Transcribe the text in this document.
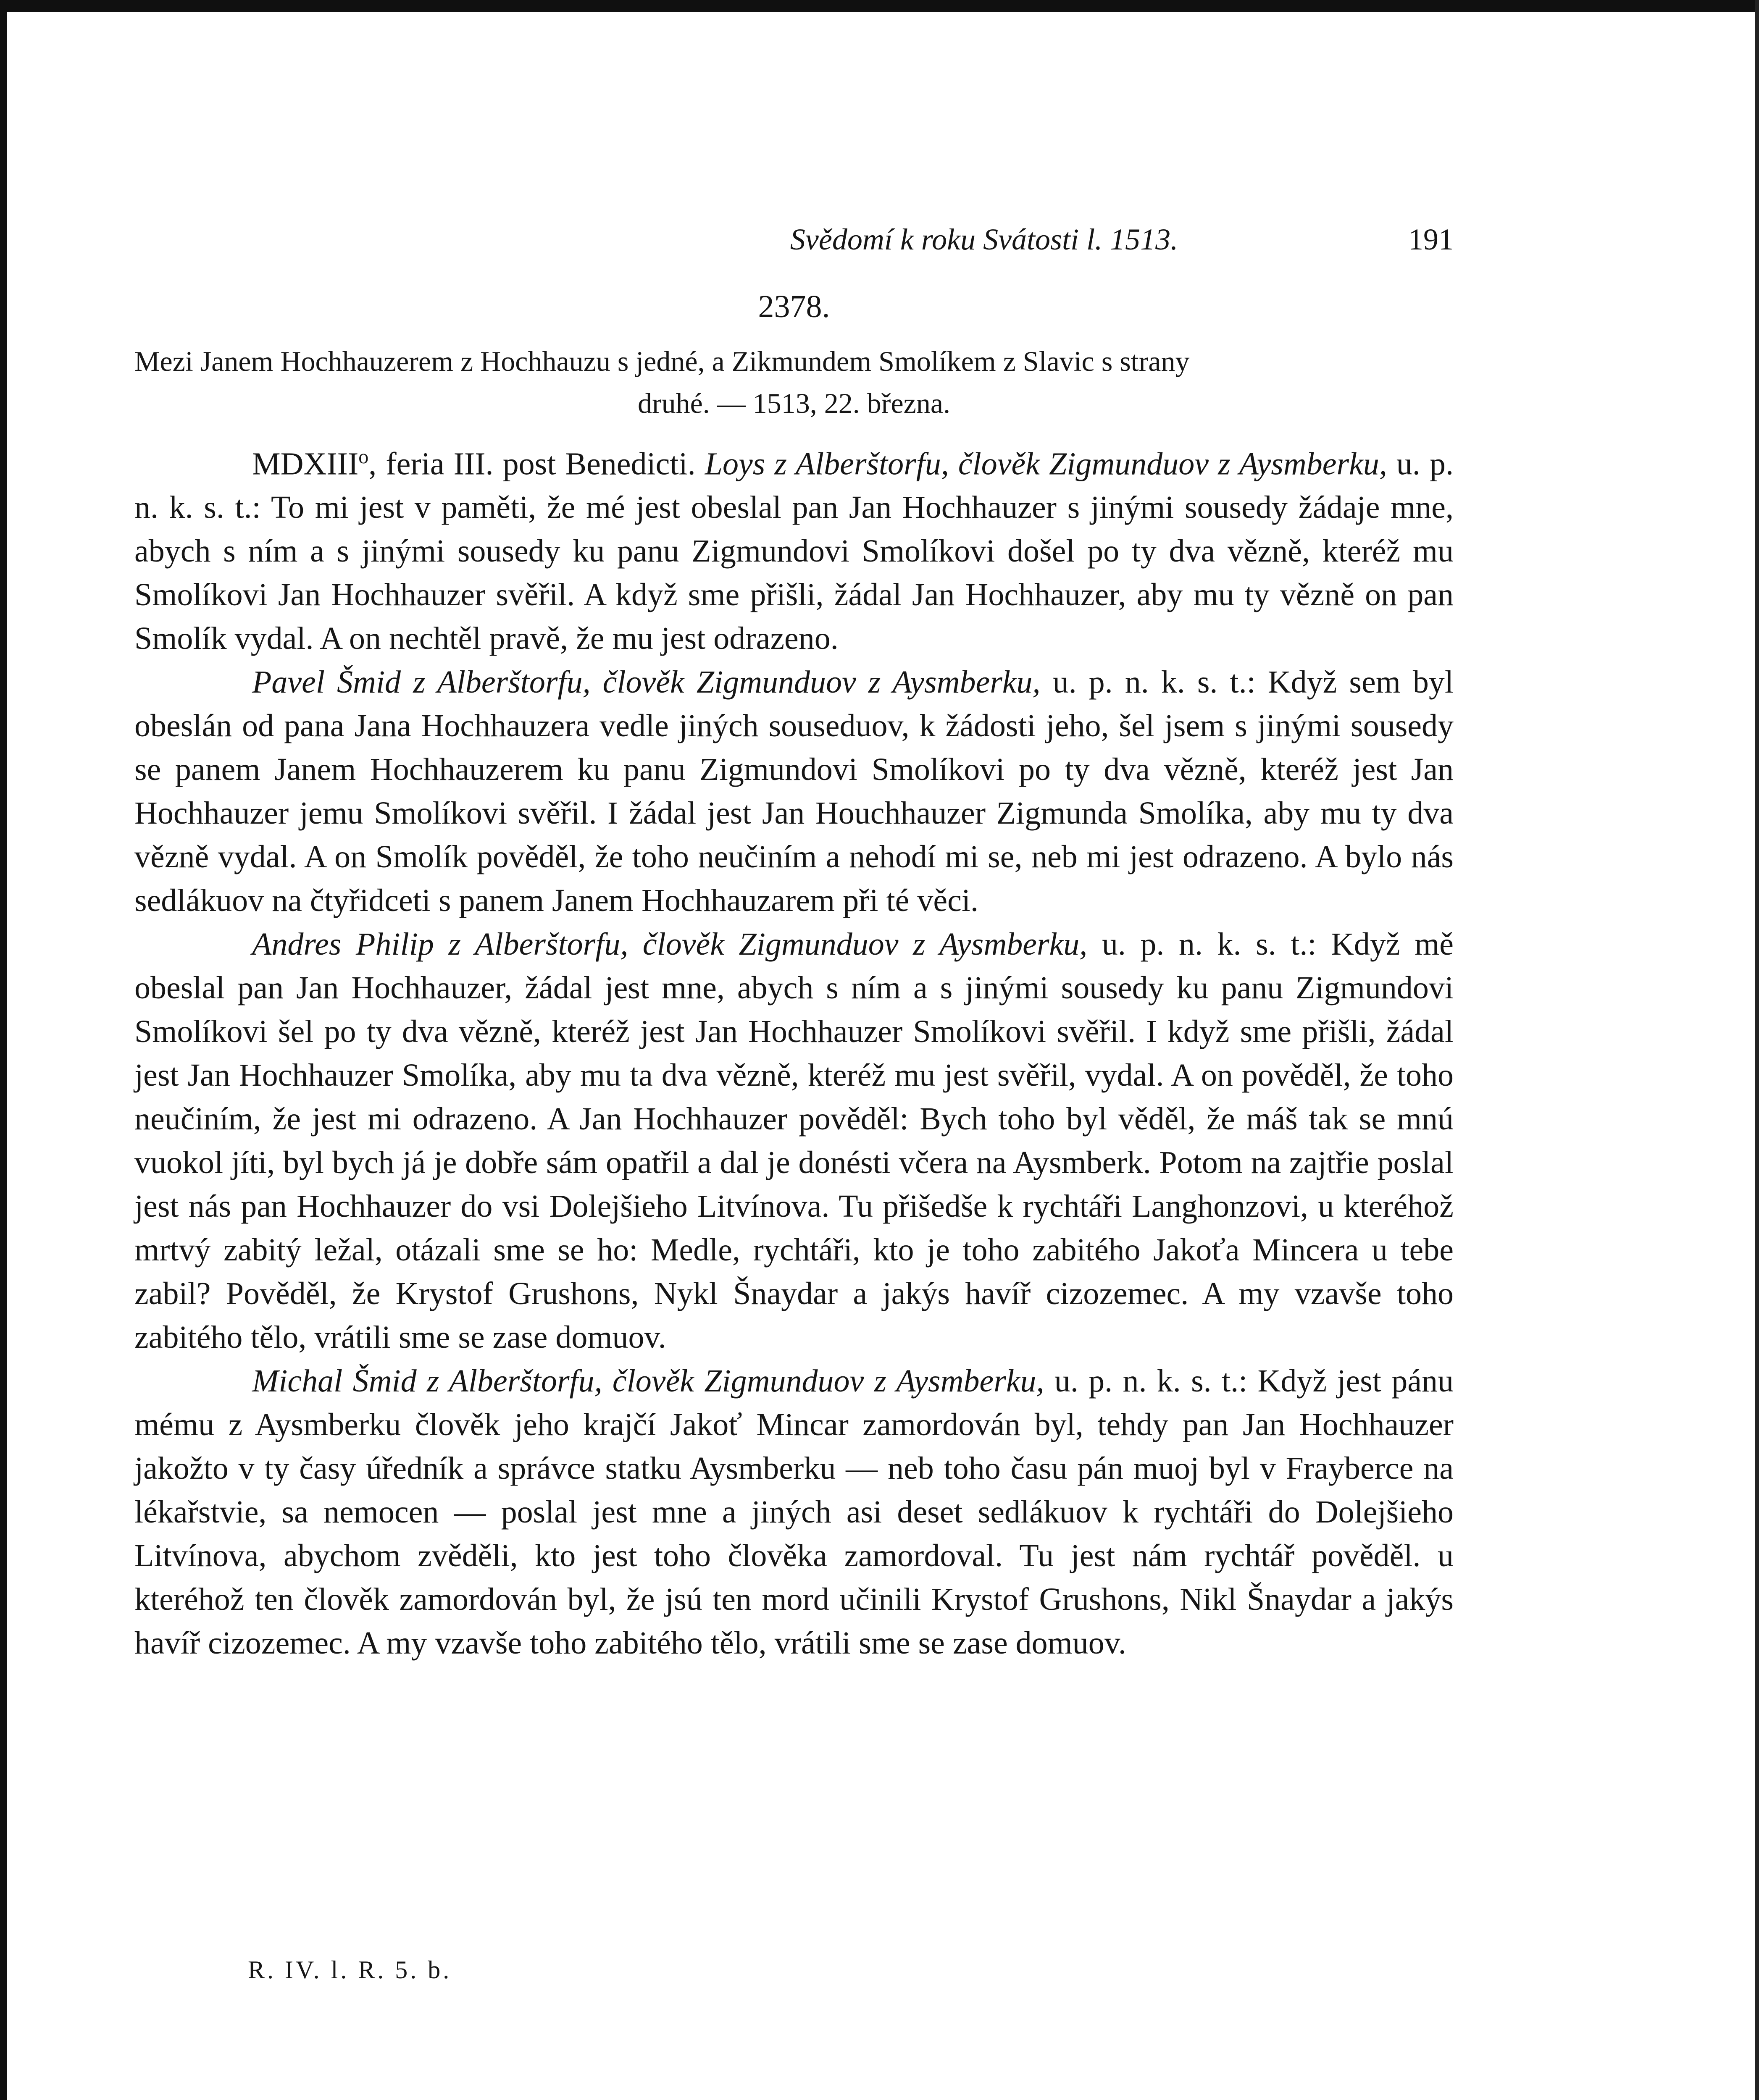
Svědomí k roku Svátosti l. 1513.	191
2378.
Mezi Janem Hochhauzerem z Hochhauzu s jedné, a Zikmundem Smolíkem z Slavic s strany
druhé. — 1513, 22. března.

MDXIII$^o$, feria III. post Benedicti. Loys z Alberštorfu, člověk Zigmunduov z Aysmberku, u. p. n. k. s. t.: To mi jest v paměti, že mé jest obeslal pan Jan Hochhauzer s jinými sousedy žádaje mne, abych s ním a s jinými sousedy ku panu Zigmundovi Smolíkovi došel po ty dva vězně, kteréž mu Smolíkovi Jan Hochhauzer svěřil. A když sme přišli, žádal Jan Hochhauzer, aby mu ty vězně on pan Smolík vydal. A on nechtěl pravě, že mu jest odrazeno.

Pavel Šmid z Alberštorfu, člověk Zigmunduov z Aysmberku, u. p. n. k. s. t.: Když sem byl obeslán od pana Jana Hochhauzera vedle jiných souseduov, k žádosti jeho, šel jsem s jinými sousedy se panem Janem Hochhauzerem ku panu Zigmundovi Smolíkovi po ty dva vězně, kteréž jest Jan Hochhauzer jemu Smolíkovi svěřil. I žádal jest Jan Houchhauzer Zigmunda Smolíka, aby mu ty dva vězně vydal. A on Smolík pověděl, že toho neučiním a nehodí mi se, neb mi jest odrazeno. A bylo nás sedlákuov na čtyřidceti s panem Janem Hochhauzarem při té věci.

Andres Philip z Alberštorfu, člověk Zigmunduov z Aysmberku, u. p. n. k. s. t.: Když mě obeslal pan Jan Hochhauzer, žádal jest mne, abych s ním a s jinými sousedy ku panu Zigmundovi Smolíkovi šel po ty dva vězně, kteréž jest Jan Hochhauzer Smolíkovi svěřil. I když sme přišli, žádal jest Jan Hochhauzer Smolíka, aby mu ta dva vězně, kteréž mu jest svěřil, vydal. A on pověděl, že toho neučiním, že jest mi odrazeno. A Jan Hochhauzer pověděl: Bych toho byl věděl, že máš tak se mnú vuokol jíti, byl bych já je dobře sám opatřil a dal je donésti včera na Aysmberk. Potom na zajtřie poslal jest nás pan Hochhauzer do vsi Dolejšieho Litvínova. Tu přišedše k rychtáři Langhonzovi, u kteréhož mrtvý zabitý ležal, otázali sme se ho: Medle, rychtáři, kto je toho zabitého Jakoťa Mincera u tebe zabil? Pověděl, že Krystof Grushons, Nykl Šnaydar a jakýs havíř cizozemec. A my vzavše toho zabitého tělo, vrátili sme se zase domuov.

Michal Šmid z Alberštorfu, člověk Zigmunduov z Aysmberku, u. p. n. k. s. t.: Když jest pánu mému z Aysmberku člověk jeho krajčí Jakoť Mincar zamordován byl, tehdy pan Jan Hochhauzer jakožto v ty časy úředník a správce statku Aysmberku — neb toho času pán muoj byl v Frayberce na lékařstvie, sa nemocen — poslal jest mne a jiných asi deset sedlákuov k rychtáři do Dolejšieho Litvínova, abychom zvěděli, kto jest toho člověka zamordoval. Tu jest nám rychtář pověděl. u kteréhož ten člověk zamordován byl, že jsú ten mord učinili Krystof Grushons, Nikl Šnaydar a jakýs havíř cizozemec. A my vzavše toho zabitého tělo, vrátili sme se zase domuov.

R. IV. l. R. 5. b.
